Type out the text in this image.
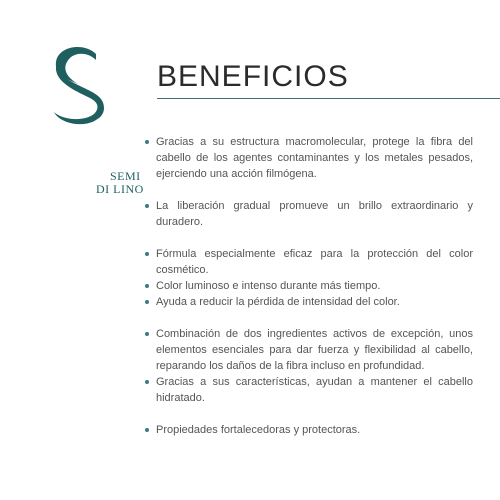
SEMI
DI LINO
BENEFICIOS
Gracias a su estructura macromolecular, protege la fibra del cabello de los agentes contaminantes y los metales pesados, ejerciendo una acción filmógena.
La liberación gradual promueve un brillo extraordinario y duradero.
Fórmula especialmente eficaz para la protección del color cosmético.
Color luminoso e intenso durante más tiempo.
Ayuda a reducir la pérdida de intensidad del color.
Combinación de dos ingredientes activos de excepción, unos elementos esenciales para dar fuerza y flexibilidad al cabello, reparando los daños de la fibra incluso en profundidad.
Gracias a sus características, ayudan a mantener el cabello hidratado.
Propiedades fortalecedoras y protectoras.
